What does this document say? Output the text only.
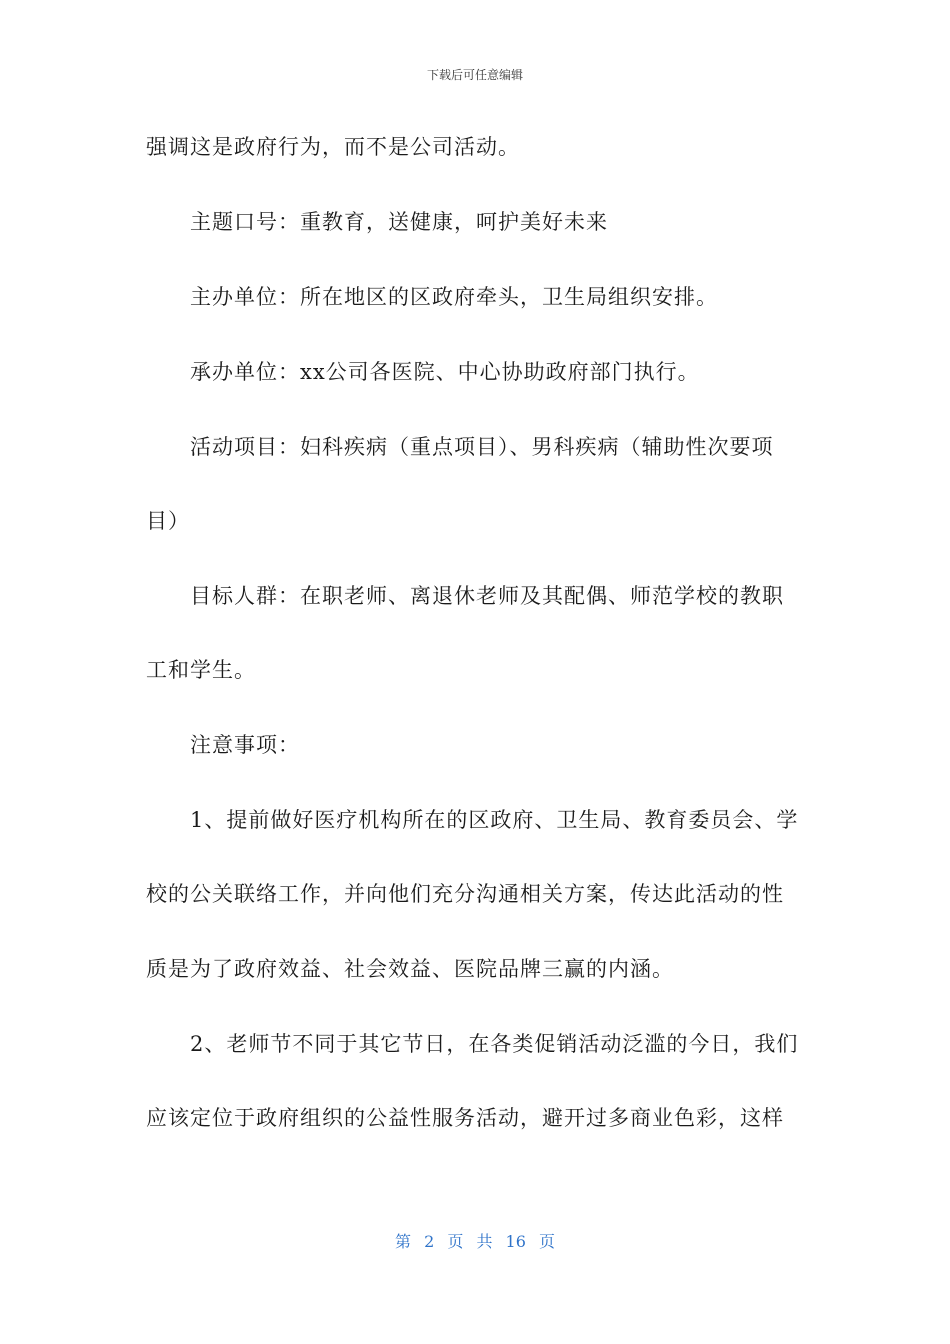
下载后可任意编辑
强调这是政府行为，而不是公司活动。
主题口号：重教育，送健康，呵护美好未来
主办单位：所在地区的区政府牵头，卫生局组织安排。
承办单位：xx公司各医院、中心协助政府部门执行。
活动项目：妇科疾病（重点项目）、男科疾病（辅助性次要项
目）
目标人群：在职老师、离退休老师及其配偶、师范学校的教职
工和学生。
注意事项：
1、提前做好医疗机构所在的区政府、卫生局、教育委员会、学
校的公关联络工作，并向他们充分沟通相关方案，传达此活动的性
质是为了政府效益、社会效益、医院品牌三赢的内涵。
2、老师节不同于其它节日，在各类促销活动泛滥的今日，我们
应该定位于政府组织的公益性服务活动，避开过多商业色彩，这样
第 2 页 共 16 页
